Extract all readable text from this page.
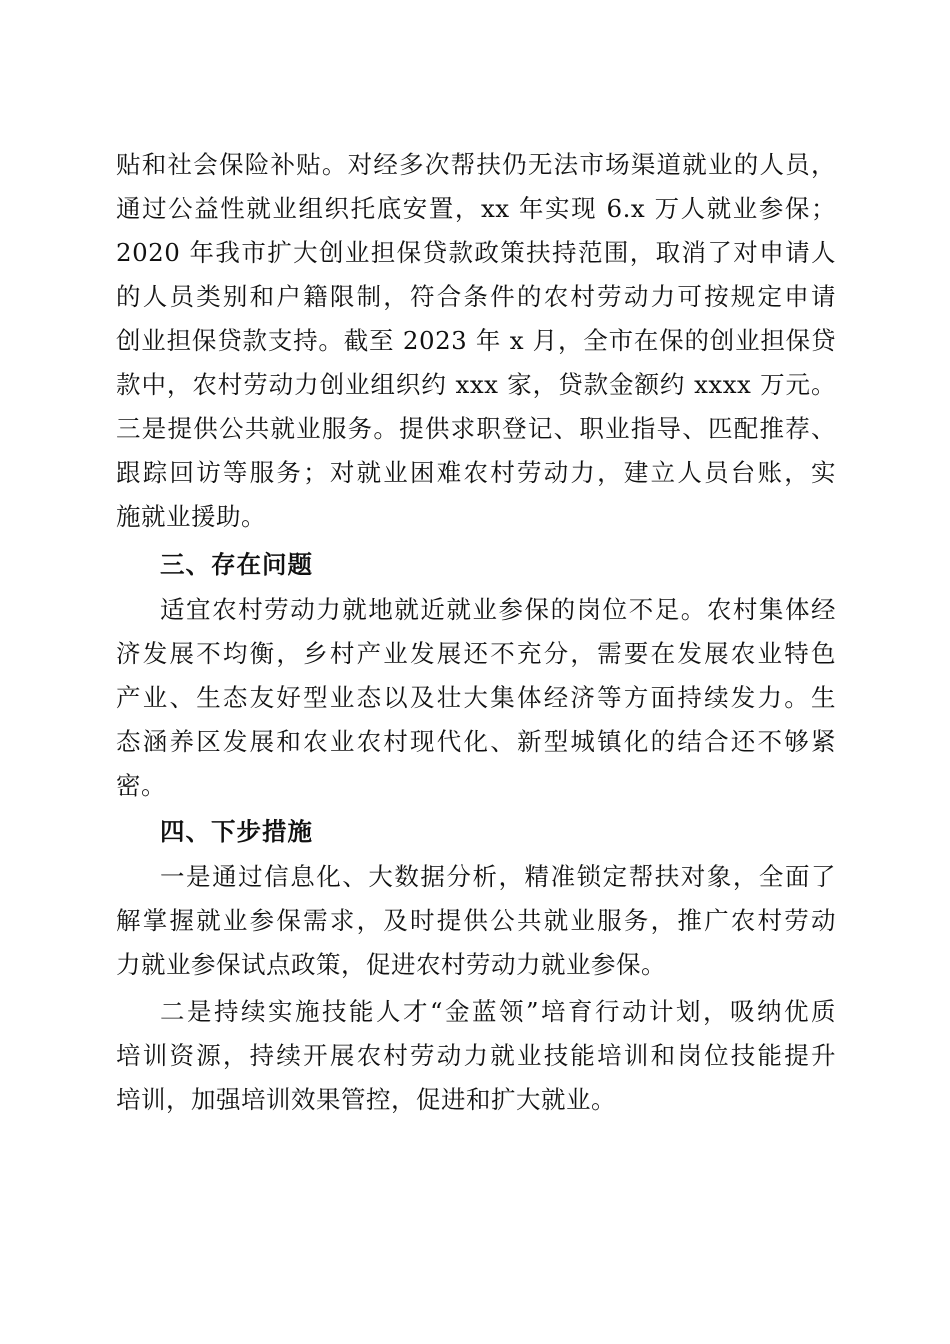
贴和社会保险补贴。对经多次帮扶仍无法市场渠道就业的人员，
通过公益性就业组织托底安置，xx 年实现 6.x 万人就业参保；
2020 年我市扩大创业担保贷款政策扶持范围，取消了对申请人
的人员类别和户籍限制，符合条件的农村劳动力可按规定申请
创业担保贷款支持。截至 2023 年 x 月，全市在保的创业担保贷
款中，农村劳动力创业组织约 xxx 家，贷款金额约 xxxx 万元。
三是提供公共就业服务。提供求职登记、职业指导、匹配推荐、
跟踪回访等服务；对就业困难农村劳动力，建立人员台账，实
施就业援助。
三、存在问题
适宜农村劳动力就地就近就业参保的岗位不足。农村集体经
济发展不均衡，乡村产业发展还不充分，需要在发展农业特色
产业、生态友好型业态以及壮大集体经济等方面持续发力。生
态涵养区发展和农业农村现代化、新型城镇化的结合还不够紧
密。
四、下步措施
一是通过信息化、大数据分析，精准锁定帮扶对象，全面了
解掌握就业参保需求，及时提供公共就业服务，推广农村劳动
力就业参保试点政策，促进农村劳动力就业参保。
二是持续实施技能人才“金蓝领”培育行动计划，吸纳优质
培训资源，持续开展农村劳动力就业技能培训和岗位技能提升
培训，加强培训效果管控，促进和扩大就业。
